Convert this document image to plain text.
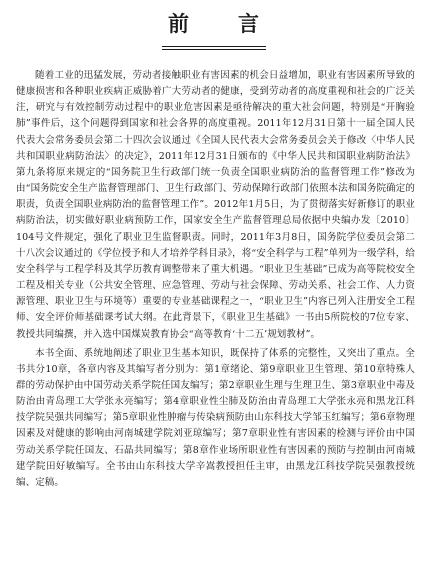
前　言

随着工业的迅猛发展，劳动者接触职业有害因素的机会日益增加，职业有害因素所导致的健康损害和各种职业疾病正威胁着广大劳动者的健康，受到劳动者的高度重视和社会的广泛关注，研究与有效控制劳动过程中的职业危害因素是亟待解决的重大社会问题，特别是“开胸验肺”事件后，这个问题得到国家和社会各界的高度重视。2011年12月31日第十一届全国人民代表大会常务委员会第二十四次会议通过《全国人民代表大会常务委员会关于修改〈中华人民共和国职业病防治法〉的决定》，2011年12月31日颁布的《中华人民共和国职业病防治法》第九条将原来规定的“国务院卫生行政部门统一负责全国职业病防治的监督管理工作”修改为由“国务院安全生产监督管理部门、卫生行政部门、劳动保障行政部门依照本法和国务院确定的职责，负责全国职业病防治的监督管理工作”。2012年1月5日，为了贯彻落实好新修订的职业病防治法，切实做好职业病预防工作，国家安全生产监督管理总局依据中央编办发〔2010〕104号文件规定，强化了职业卫生监督职责。同时，2011年3月8日，国务院学位委员会第二十八次会议通过的《学位授予和人才培养学科目录》，将“安全科学与工程”单列为一级学科，给安全科学与工程学科及其学历教育调整带来了重大机遇。“职业卫生基础”已成为高等院校安全工程及相关专业（公共安全管理、应急管理、劳动与社会保障、劳动关系、社会工作、人力资源管理、职业卫生与环境等）重要的专业基础课程之一，“职业卫生”内容已列入注册安全工程师、安全评价师基础课考试大纲。在此背景下，《职业卫生基础》一书由5所院校的7位专家、教授共同编撰，并入选中国煤炭教育协会“高等教育‘十二五’规划教材”。

本书全面、系统地阐述了职业卫生基本知识，既保持了体系的完整性，又突出了重点。全书共分10章，各章内容及其编写者分别为：第1章绪论、第9章职业卫生管理、第10章特殊人群的劳动保护由中国劳动关系学院任国友编写；第2章职业生理与生理卫生、第3章职业中毒及防治由青岛理工大学张永亮编写；第4章职业性尘肺及防治由青岛理工大学张永亮和黑龙江科技学院吴强共同编写；第5章职业性肿瘤与传染病预防由山东科技大学邹玉红编写；第6章物理因素及对健康的影响由河南城建学院刘亚琼编写；第7章职业性有害因素的检测与评价由中国劳动关系学院任国友、石晶共同编写；第8章作业场所职业性有害因素的预防与控制由河南城建学院田好敏编写。全书由山东科技大学辛嵩教授担任主审，由黑龙江科技学院吴强教授统编、定稿。
